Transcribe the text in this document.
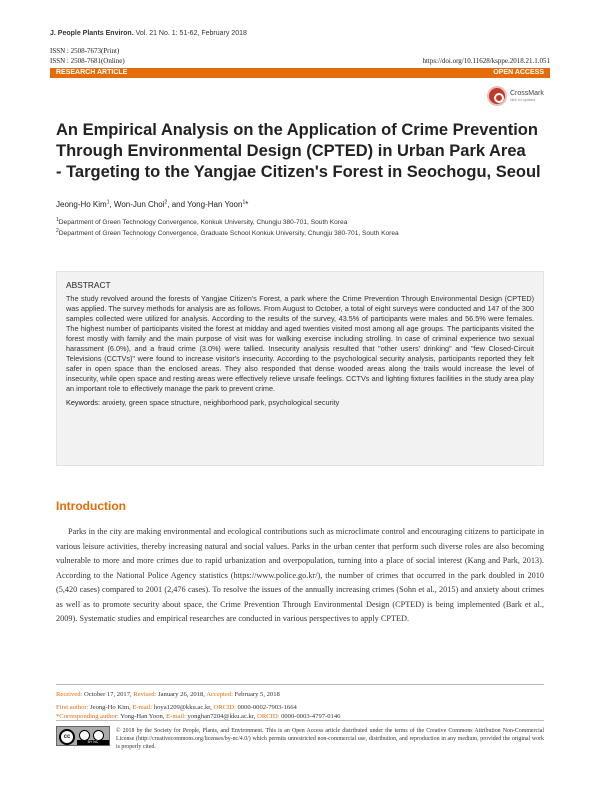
J. People Plants Environ. Vol. 21 No. 1: 51-62, February 2018
ISSN : 2508-7673(Print)
ISSN : 2508-7681(Online)	https://doi.org/10.11628/ksppe.2018.21.1.051
RESEARCH ARTICLE	OPEN ACCESS
CrossMark
click for updates
An Empirical Analysis on the Application of Crime Prevention
Through Environmental Design (CPTED) in Urban Park Area
- Targeting to the Yangjae Citizen's Forest in Seochogu, Seoul
Jeong-Ho Kim$^1$, Won-Jun Choi$^2$, and Yong-Han Yoon$^1$*
$^1$Department of Green Technology Convergence, Konkuk University, Chungju 380-701, South Korea
$^2$Department of Green Technology Convergence, Graduate School Konkuk University, Chungju 380-701, South Korea
ABSTRACT
The study revolved around the forests of Yangjae Citizen's Forest, a park where the Crime Prevention Through Environmental Design (CPTED) was applied. The survey methods for analysis are as follows. From August to October, a total of eight surveys were conducted and 147 of the 300 samples collected were utilized for analysis. According to the results of the survey, 43.5% of participants were males and 56.5% were females. The highest number of participants visited the forest at midday and aged twenties visited most among all age groups. The participants visited the forest mostly with family and the main purpose of visit was for walking exercise including strolling. In case of criminal experience two sexual harassment (6.0%), and a fraud crime (3.0%) were tallied. Insecurity analysis resulted that "other users' drinking" and "few Closed-Circuit Televisions (CCTVs)" were found to increase visitor's insecurity. According to the psychological security analysis, participants reported they felt safer in open space than the enclosed areas. They also responded that dense wooded areas along the trails would increase the level of insecurity, while open space and resting areas were effectively relieve unsafe feelings. CCTVs and lighting fixtures facilities in the study area play an important role to effectively manage the park to prevent crime.
Keywords: anxiety, green space structure, neighborhood park, psychological security
Introduction
Parks in the city are making environmental and ecological contributions such as microclimate control and encouraging citizens to participate in various leisure activities, thereby increasing natural and social values. Parks in the urban center that perform such diverse roles are also becoming vulnerable to more and more crimes due to rapid urbanization and overpopulation, turning into a place of social interest (Kang and Park, 2013). According to the National Police Agency statistics (https://www.police.go.kr/), the number of crimes that occurred in the park doubled in 2010 (5,420 cases) compared to 2001 (2,476 cases). To resolve the issues of the annually increasing crimes (Sohn et al., 2015) and anxiety about crimes as well as to promote security about space, the Crime Prevention Through Environmental Design (CPTED) is being implemented (Bark et al., 2009). Systematic studies and empirical researches are conducted in various perspectives to apply CPTED.
Received: October 17, 2017, Revised: January 26, 2018, Accepted: February 5, 2018
First author: Jeong-Ho Kim, E-mail: hoya1209@kku.ac.kr, ORCID: 0000-0002-7903-1664
*Corresponding author: Yong-Han Yoon, E-mail: yonghan7204@kku.ac.kr, ORCID: 0000-0003-4797-0146
cc
BY NC
© 2018 by the Society for People, Plants, and Environment. This is an Open Access article distributed under the terms of the Creative Commons Attribution Non-Commercial License (http://creativecommons.org/licenses/by-nc/4.0/) which permits unrestricted non-commercial use, distribution, and reproduction in any medium, provided the original work is properly cited.
